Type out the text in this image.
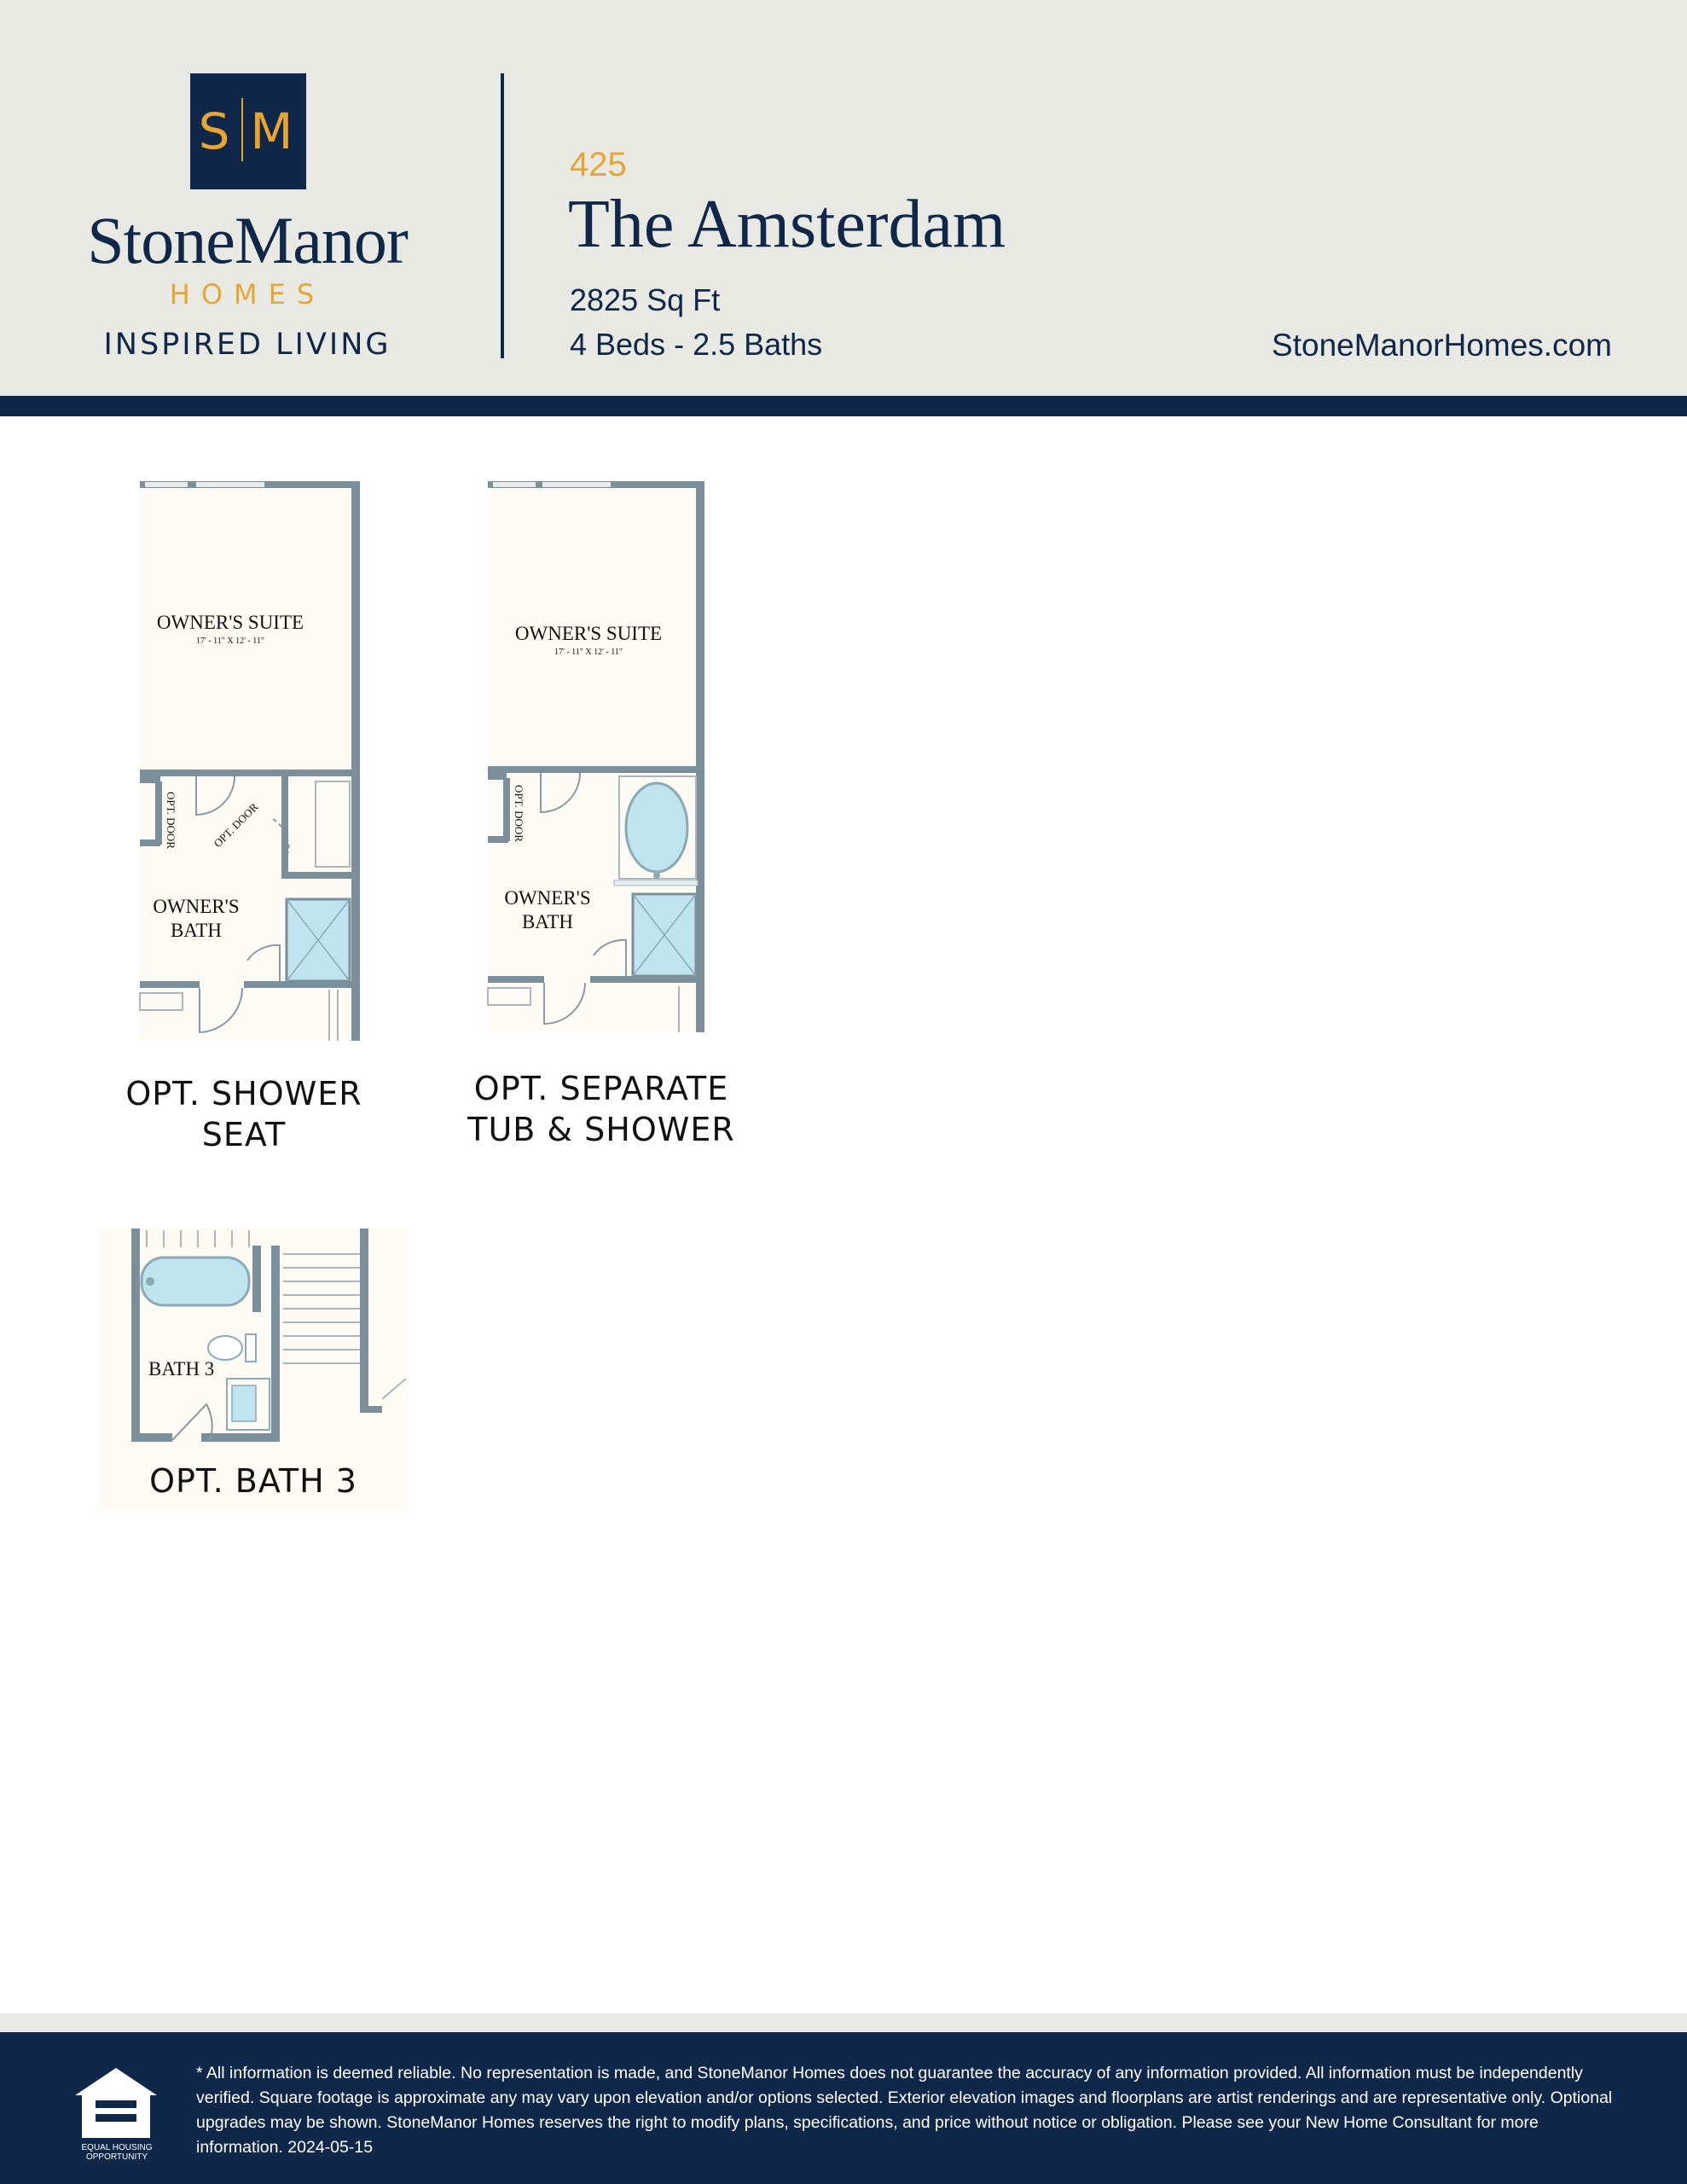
S M
StoneManor
HOMES
INSPIRED LIVING
425
The Amsterdam
2825 Sq Ft
4 Beds - 2.5 Baths	StoneManorHomes.com
OWNER'S SUITE
17' - 11" X 12' - 11"
OPT. DOOR	OPT. DOOR
OWNER'S
BATH
OPT. SHOWER
SEAT
OWNER'S SUITE
17' - 11" X 12' - 11"
OPT. DOOR
OWNER'S
BATH
OPT. SEPARATE
TUB & SHOWER
BATH 3
OPT. BATH 3
EQUAL HOUSING OPPORTUNITY
* All information is deemed reliable. No representation is made, and StoneManor Homes does not guarantee the accuracy of any information provided. All information must be independently verified. Square footage is approximate any may vary upon elevation and/or options selected. Exterior elevation images and floorplans are artist renderings and are representative only. Optional upgrades may be shown. StoneManor Homes reserves the right to modify plans, specifications, and price without notice or obligation. Please see your New Home Consultant for more information. 2024-05-15
